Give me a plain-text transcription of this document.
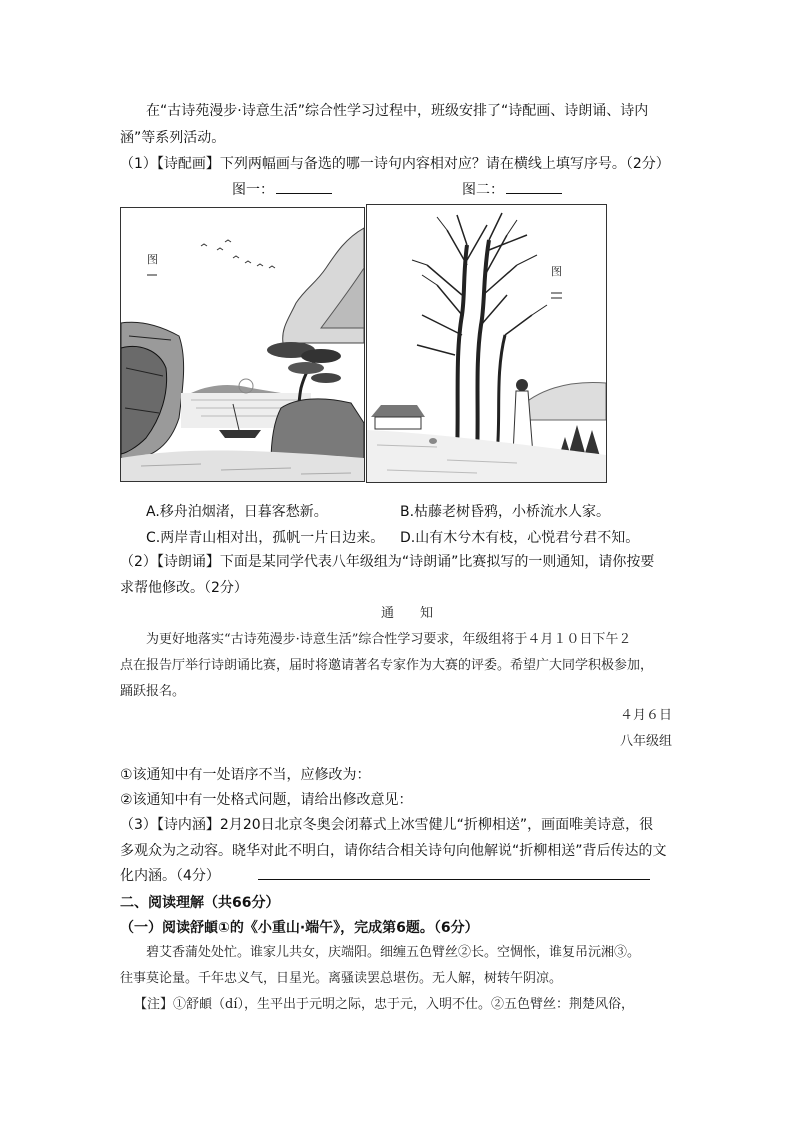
在“古诗苑漫步·诗意生活”综合性学习过程中，班级安排了“诗配画、诗朗诵、诗内
涵”等系列活动。
（1）【诗配画】下列两幅画与备选的哪一诗句内容相对应？请在横线上填写序号。（2分）
图一：	图二：
图
图
A.移舟泊烟渚，日暮客愁新。	B.枯藤老树昏鸦，小桥流水人家。
C.两岸青山相对出，孤帆一片日边来。 D.山有木兮木有枝，心悦君兮君不知。
（2）【诗朗诵】下面是某同学代表八年级组为“诗朗诵”比赛拟写的一则通知，请你按要
求帮他修改。（2分）
通　　知
为更好地落实“古诗苑漫步·诗意生活”综合性学习要求，年级组将于４月１０日下午２
点在报告厅举行诗朗诵比赛，届时将邀请著名专家作为大赛的评委。希望广大同学积极参加，
踊跃报名。
４月６日
八年级组
①该通知中有一处语序不当，应修改为：
②该通知中有一处格式问题，请给出修改意见：
（3）【诗内涵】2月20日北京冬奥会闭幕式上冰雪健儿“折柳相送”，画面唯美诗意，很
多观众为之动容。晓华对此不明白，请你结合相关诗句向他解说“折柳相送”背后传达的文
化内涵。（4分）
二、阅读理解（共66分）
（一）阅读舒頔①的《小重山·端午》，完成第6题。（6分）
碧艾香蒲处处忙。谁家儿共女，庆端阳。细缠五色臂丝②长。空惆怅，谁复吊沅湘③。
往事莫论量。千年忠义气，日星光。离骚读罢总堪伤。无人解，树转午阴凉。
【注】①舒頔（dí），生平出于元明之际，忠于元，入明不仕。②五色臂丝：荆楚风俗，
